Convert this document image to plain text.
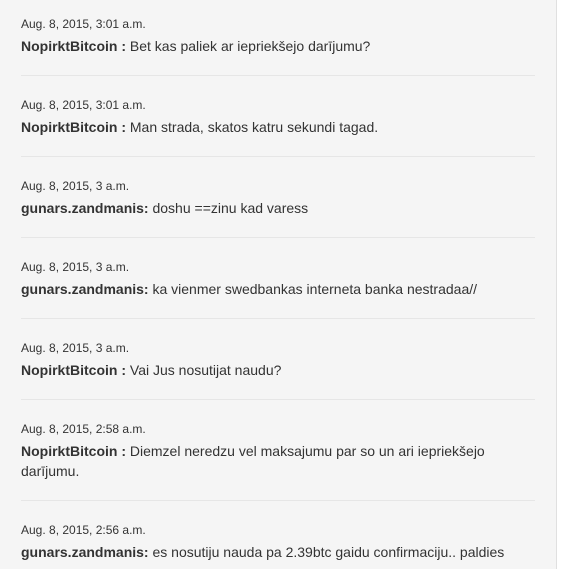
Aug. 8, 2015, 3:01 a.m.
NopirktBitcoin : Bet kas paliek ar iepriekšejo darījumu?
Aug. 8, 2015, 3:01 a.m.
NopirktBitcoin : Man strada, skatos katru sekundi tagad.
Aug. 8, 2015, 3 a.m.
gunars.zandmanis: doshu ==zinu kad varess
Aug. 8, 2015, 3 a.m.
gunars.zandmanis: ka vienmer swedbankas interneta banka nestradaa//
Aug. 8, 2015, 3 a.m.
NopirktBitcoin : Vai Jus nosutijat naudu?
Aug. 8, 2015, 2:58 a.m.
NopirktBitcoin : Diemzel neredzu vel maksajumu par so un ari iepriekšejo darījumu.
Aug. 8, 2015, 2:56 a.m.
gunars.zandmanis: es nosutiju nauda pa 2.39btc gaidu confirmaciju.. paldies
